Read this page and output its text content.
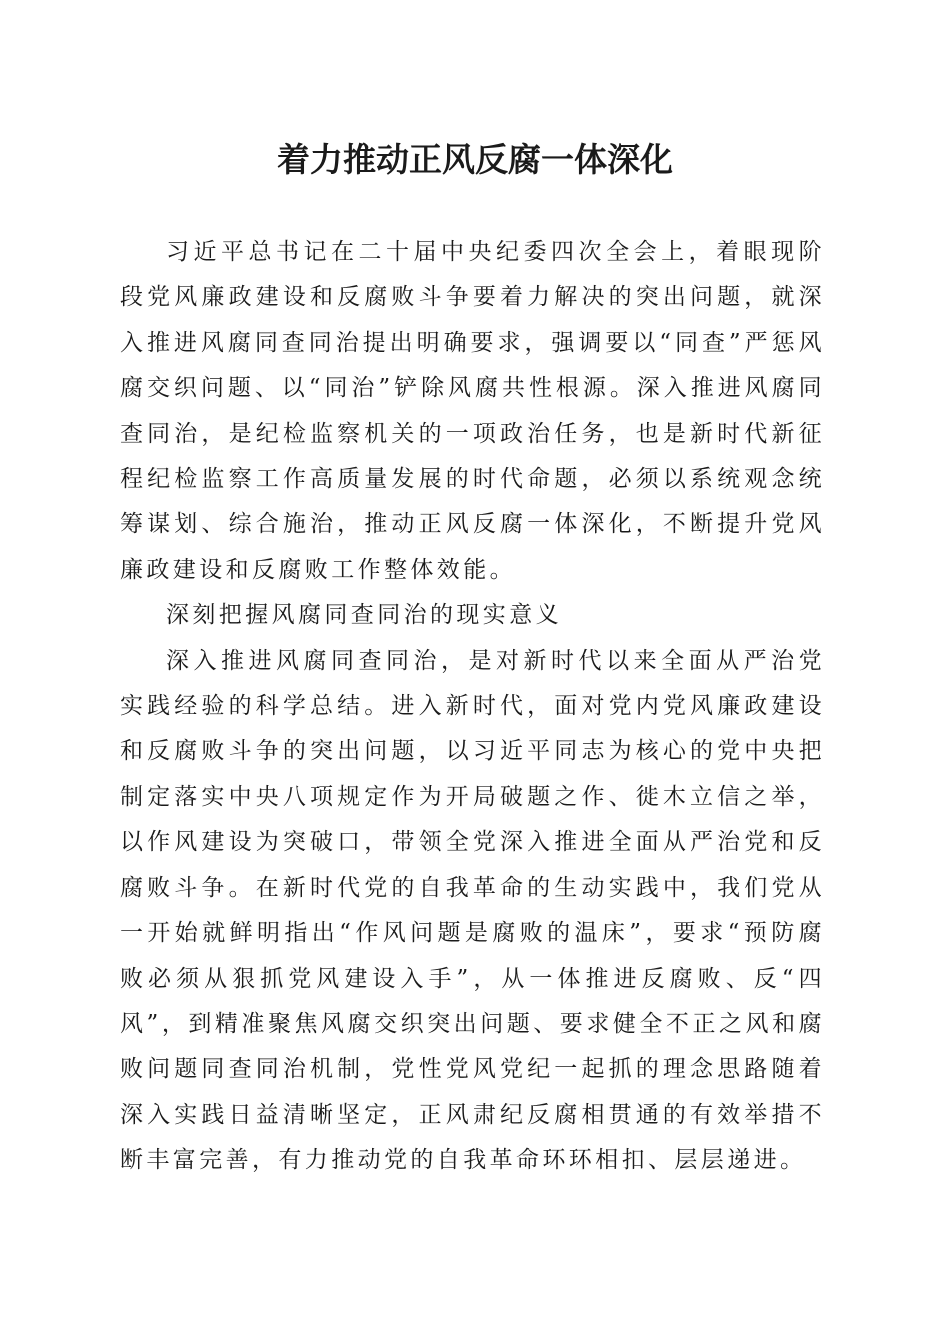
着力推动正风反腐一体深化

习近平总书记在二十届中央纪委四次全会上，着眼现阶段党风廉政建设和反腐败斗争要着力解决的突出问题，就深入推进风腐同查同治提出明确要求，强调要以“同查”严惩风腐交织问题、以“同治”铲除风腐共性根源。深入推进风腐同查同治，是纪检监察机关的一项政治任务，也是新时代新征程纪检监察工作高质量发展的时代命题，必须以系统观念统筹谋划、综合施治，推动正风反腐一体深化，不断提升党风廉政建设和反腐败工作整体效能。

深刻把握风腐同查同治的现实意义

深入推进风腐同查同治，是对新时代以来全面从严治党实践经验的科学总结。进入新时代，面对党内党风廉政建设和反腐败斗争的突出问题，以习近平同志为核心的党中央把制定落实中央八项规定作为开局破题之作、徙木立信之举，以作风建设为突破口，带领全党深入推进全面从严治党和反腐败斗争。在新时代党的自我革命的生动实践中，我们党从一开始就鲜明指出“作风问题是腐败的温床”，要求“预防腐败必须从狠抓党风建设入手”，从一体推进反腐败、反“四风”，到精准聚焦风腐交织突出问题、要求健全不正之风和腐败问题同查同治机制，党性党风党纪一起抓的理念思路随着深入实践日益清晰坚定，正风肃纪反腐相贯通的有效举措不断丰富完善，有力推动党的自我革命环环相扣、层层递进。
